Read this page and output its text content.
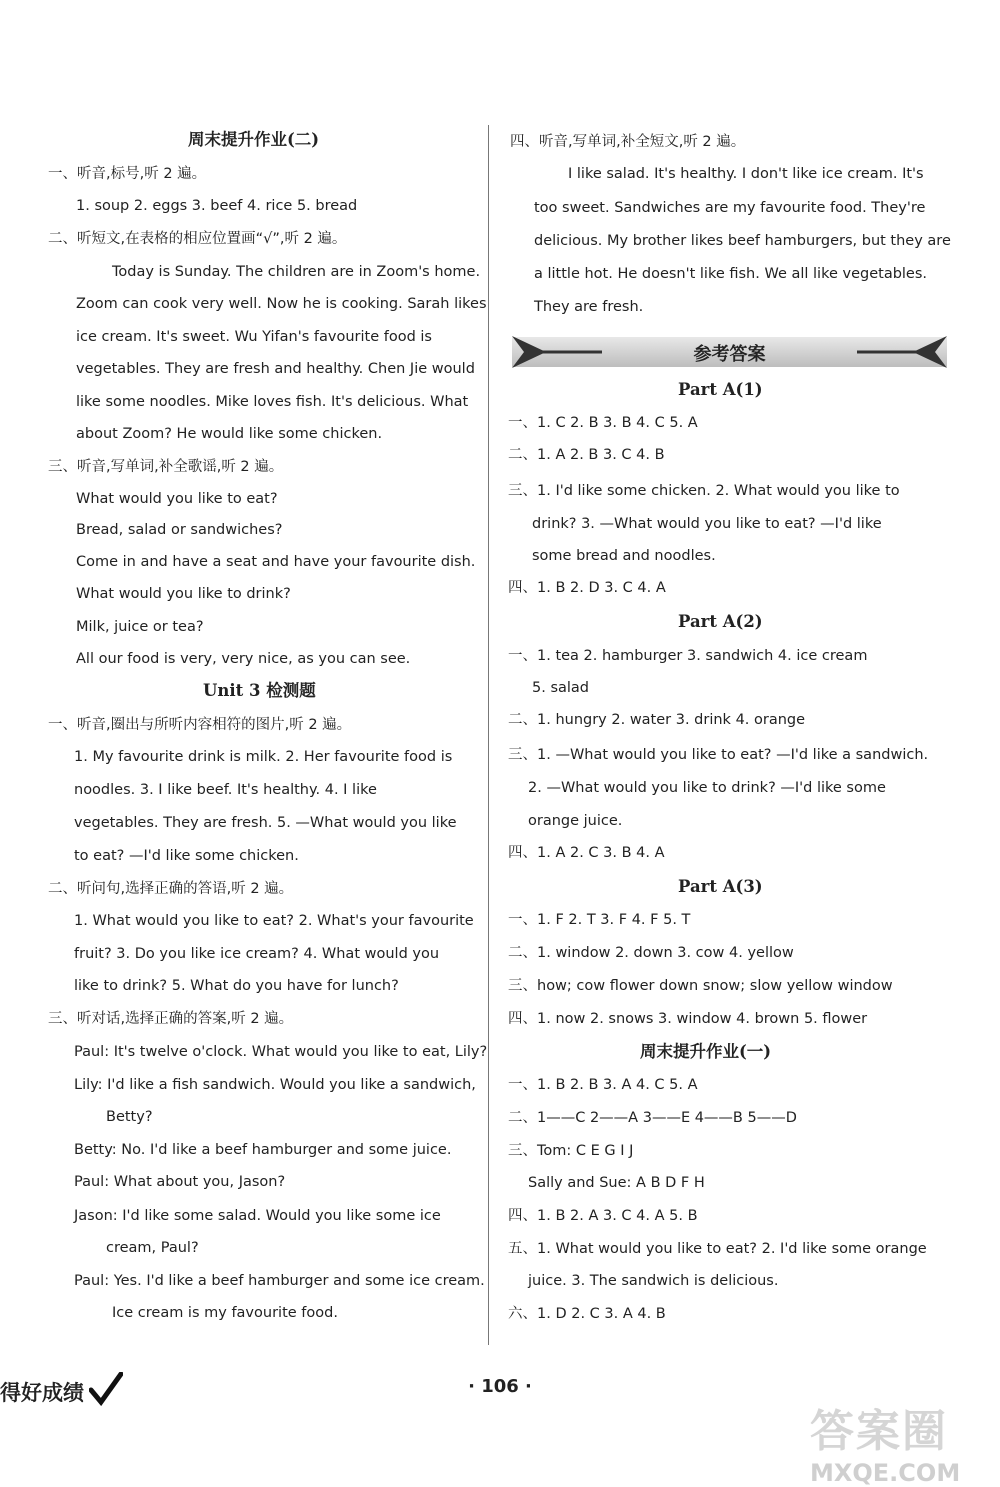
周末提升作业(二)
一、听音,标号,听 2 遍。
1. soup 2. eggs 3. beef 4. rice 5. bread
二、听短文,在表格的相应位置画“√”,听 2 遍。
Today is Sunday. The children are in Zoom's home.
Zoom can cook very well. Now he is cooking. Sarah likes
ice cream. It's sweet. Wu Yifan's favourite food is
vegetables. They are fresh and healthy. Chen Jie would
like some noodles. Mike loves fish. It's delicious. What
about Zoom? He would like some chicken.
三、听音,写单词,补全歌谣,听 2 遍。
What would you like to eat?
Bread, salad or sandwiches?
Come in and have a seat and have your favourite dish.
What would you like to drink?
Milk, juice or tea?
All our food is very, very nice, as you can see.
Unit 3 检测题
一、听音,圈出与所听内容相符的图片,听 2 遍。
1. My favourite drink is milk. 2. Her favourite food is
noodles. 3. I like beef. It's healthy. 4. I like
vegetables. They are fresh. 5. —What would you like
to eat? —I'd like some chicken.
二、听问句,选择正确的答语,听 2 遍。
1. What would you like to eat? 2. What's your favourite
fruit? 3. Do you like ice cream? 4. What would you
like to drink? 5. What do you have for lunch?
三、听对话,选择正确的答案,听 2 遍。
Paul: It's twelve o'clock. What would you like to eat, Lily?
Lily: I'd like a fish sandwich. Would you like a sandwich,
Betty?
Betty: No. I'd like a beef hamburger and some juice.
Paul: What about you, Jason?
Jason: I'd like some salad. Would you like some ice
cream, Paul?
Paul: Yes. I'd like a beef hamburger and some ice cream.
Ice cream is my favourite food.
四、听音,写单词,补全短文,听 2 遍。
I like salad. It's healthy. I don't like ice cream. It's
too sweet. Sandwiches are my favourite food. They're
delicious. My brother likes beef hamburgers, but they are
a little hot. He doesn't like fish. We all like vegetables.
They are fresh.
Part A(1)
一、1. C 2. B 3. B 4. C 5. A
二、1. A 2. B 3. C 4. B
三、1. I'd like some chicken. 2. What would you like to
drink? 3. —What would you like to eat? —I'd like
some bread and noodles.
四、1. B 2. D 3. C 4. A
Part A(2)
一、1. tea 2. hamburger 3. sandwich 4. ice cream
5. salad
二、1. hungry 2. water 3. drink 4. orange
三、1. —What would you like to eat? —I'd like a sandwich.
2. —What would you like to drink? —I'd like some
orange juice.
四、1. A 2. C 3. B 4. A
Part A(3)
一、1. F 2. T 3. F 4. F 5. T
二、1. window 2. down 3. cow 4. yellow
三、how; cow flower down snow; slow yellow window
四、1. now 2. snows 3. window 4. brown 5. flower
周末提升作业(一)
一、1. B 2. B 3. A 4. C 5. A
二、1——C 2——A 3——E 4——B 5——D
三、Tom: C E G I J
Sally and Sue: A B D F H
四、1. B 2. A 3. C 4. A 5. B
五、1. What would you like to eat? 2. I'd like some orange
juice. 3. The sandwich is delicious.
六、1. D 2. C 3. A 4. B
参考答案
得好成绩	· 106 ·
答案圈
MXQE.COM
